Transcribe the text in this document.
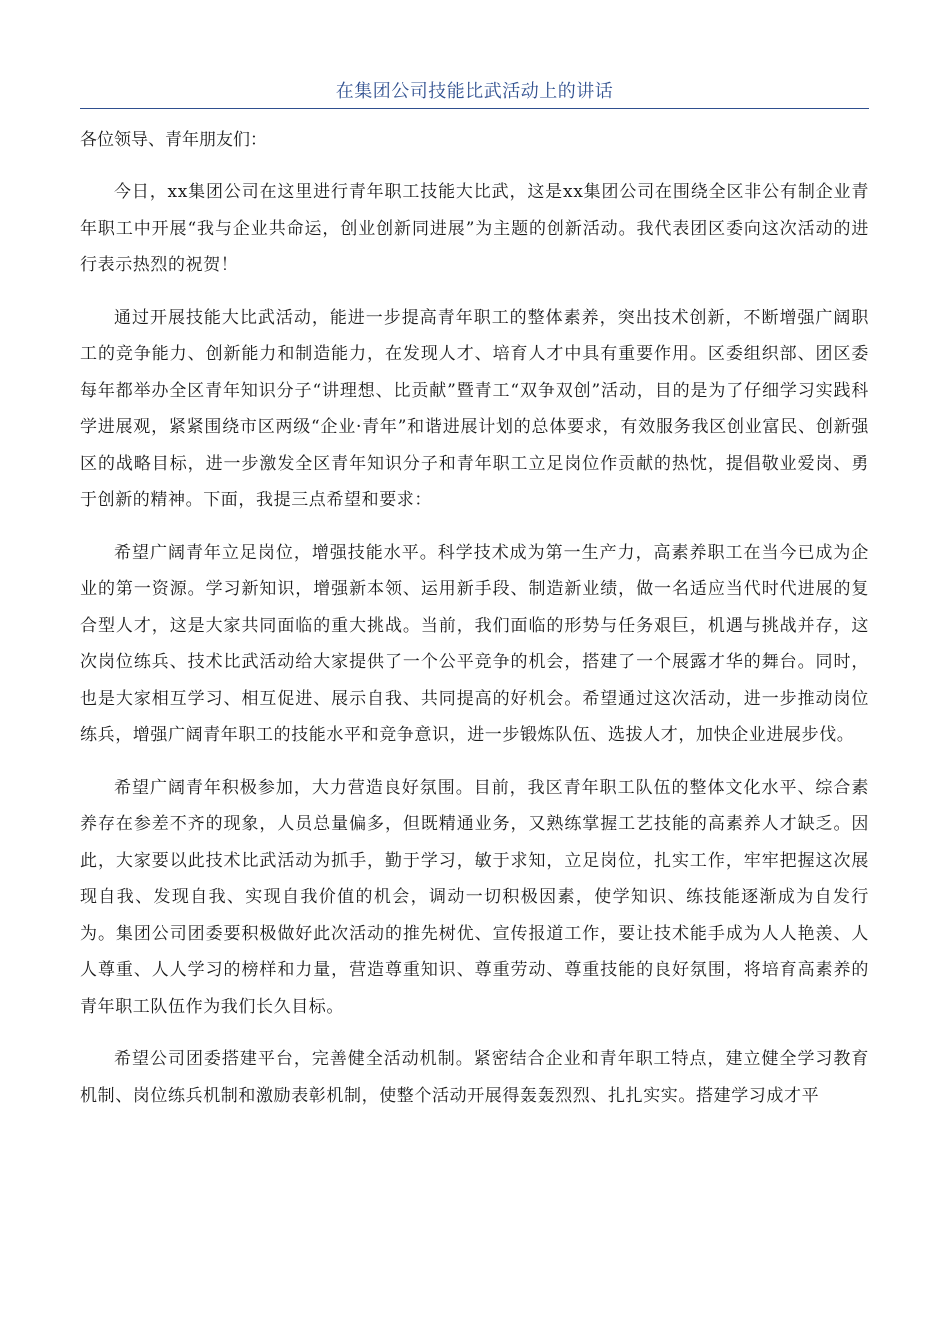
在集团公司技能比武活动上的讲话

各位领导、青年朋友们：

今日，xx集团公司在这里进行青年职工技能大比武，这是xx集团公司在围绕全区非公有制企业青年职工中开展“我与企业共命运，创业创新同进展”为主题的创新活动。我代表团区委向这次活动的进行表示热烈的祝贺！

通过开展技能大比武活动，能进一步提高青年职工的整体素养，突出技术创新，不断增强广阔职工的竞争能力、创新能力和制造能力，在发现人才、培育人才中具有重要作用。区委组织部、团区委每年都举办全区青年知识分子“讲理想、比贡献”暨青工“双争双创”活动，目的是为了仔细学习实践科学进展观，紧紧围绕市区两级“企业·青年”和谐进展计划的总体要求，有效服务我区创业富民、创新强区的战略目标，进一步激发全区青年知识分子和青年职工立足岗位作贡献的热忱，提倡敬业爱岗、勇于创新的精神。下面，我提三点希望和要求：

希望广阔青年立足岗位，增强技能水平。科学技术成为第一生产力，高素养职工在当今已成为企业的第一资源。学习新知识，增强新本领、运用新手段、制造新业绩，做一名适应当代时代进展的复合型人才，这是大家共同面临的重大挑战。当前，我们面临的形势与任务艰巨，机遇与挑战并存，这次岗位练兵、技术比武活动给大家提供了一个公平竞争的机会，搭建了一个展露才华的舞台。同时，也是大家相互学习、相互促进、展示自我、共同提高的好机会。希望通过这次活动，进一步推动岗位练兵，增强广阔青年职工的技能水平和竞争意识，进一步锻炼队伍、选拔人才，加快企业进展步伐。

希望广阔青年积极参加，大力营造良好氛围。目前，我区青年职工队伍的整体文化水平、综合素养存在参差不齐的现象，人员总量偏多，但既精通业务，又熟练掌握工艺技能的高素养人才缺乏。因此，大家要以此技术比武活动为抓手，勤于学习，敏于求知，立足岗位，扎实工作，牢牢把握这次展现自我、发现自我、实现自我价值的机会，调动一切积极因素，使学知识、练技能逐渐成为自发行为。集团公司团委要积极做好此次活动的推先树优、宣传报道工作，要让技术能手成为人人艳羡、人人尊重、人人学习的榜样和力量，营造尊重知识、尊重劳动、尊重技能的良好氛围，将培育高素养的青年职工队伍作为我们长久目标。

希望公司团委搭建平台，完善健全活动机制。紧密结合企业和青年职工特点，建立健全学习教育机制、岗位练兵机制和激励表彰机制，使整个活动开展得轰轰烈烈、扎扎实实。搭建学习成才平
